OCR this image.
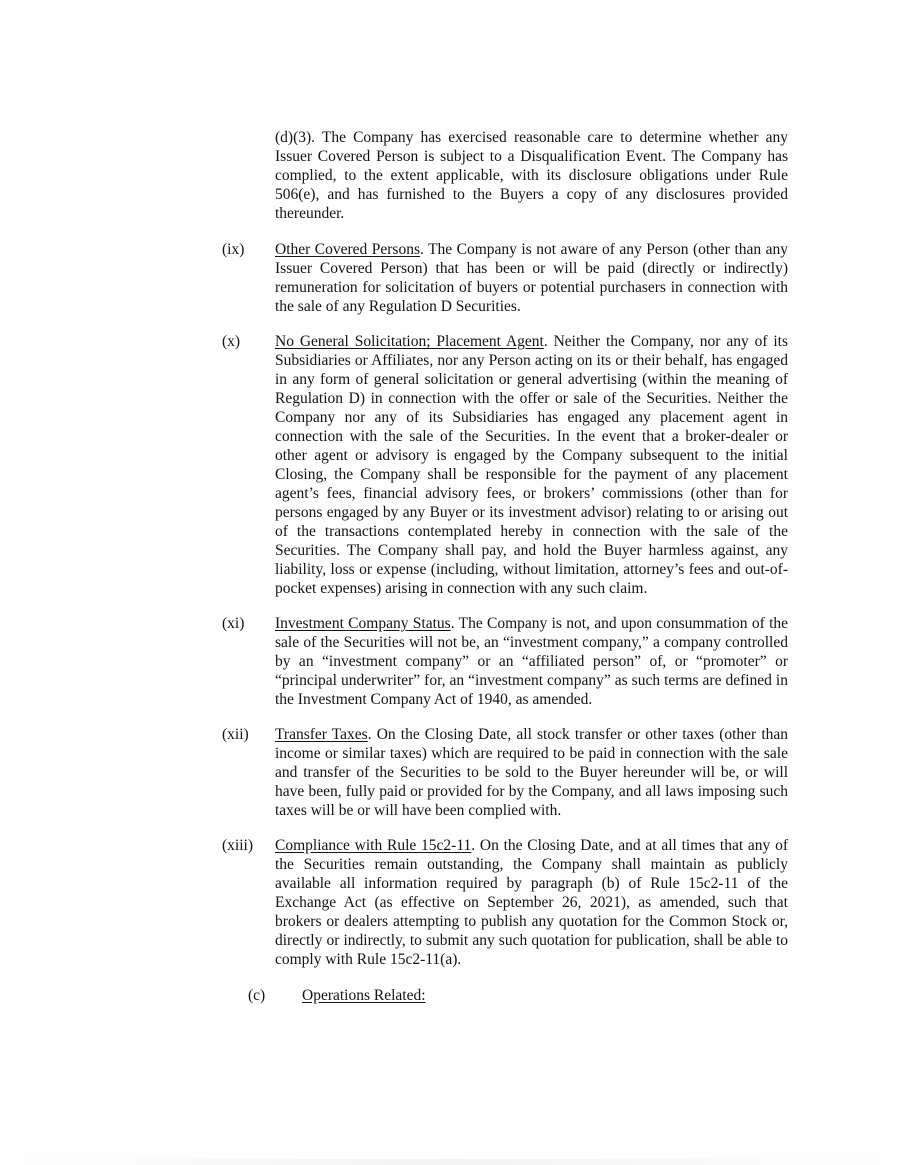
(d)(3). The Company has exercised reasonable care to determine whether any Issuer Covered Person is subject to a Disqualification Event. The Company has complied, to the extent applicable, with its disclosure obligations under Rule 506(e), and has furnished to the Buyers a copy of any disclosures provided thereunder.

(ix)	Other Covered Persons. The Company is not aware of any Person (other than any Issuer Covered Person) that has been or will be paid (directly or indirectly) remuneration for solicitation of buyers or potential purchasers in connection with the sale of any Regulation D Securities.

(x)	No General Solicitation; Placement Agent. Neither the Company, nor any of its Subsidiaries or Affiliates, nor any Person acting on its or their behalf, has engaged in any form of general solicitation or general advertising (within the meaning of Regulation D) in connection with the offer or sale of the Securities. Neither the Company nor any of its Subsidiaries has engaged any placement agent in connection with the sale of the Securities. In the event that a broker-dealer or other agent or advisory is engaged by the Company subsequent to the initial Closing, the Company shall be responsible for the payment of any placement agent’s fees, financial advisory fees, or brokers’ commissions (other than for persons engaged by any Buyer or its investment advisor) relating to or arising out of the transactions contemplated hereby in connection with the sale of the Securities. The Company shall pay, and hold the Buyer harmless against, any liability, loss or expense (including, without limitation, attorney’s fees and out-of-pocket expenses) arising in connection with any such claim.

(xi)	Investment Company Status. The Company is not, and upon consummation of the sale of the Securities will not be, an “investment company,” a company controlled by an “investment company” or an “affiliated person” of, or “promoter” or “principal underwriter” for, an “investment company” as such terms are defined in the Investment Company Act of 1940, as amended.

(xii)	Transfer Taxes. On the Closing Date, all stock transfer or other taxes (other than income or similar taxes) which are required to be paid in connection with the sale and transfer of the Securities to be sold to the Buyer hereunder will be, or will have been, fully paid or provided for by the Company, and all laws imposing such taxes will be or will have been complied with.

(xiii)	Compliance with Rule 15c2-11. On the Closing Date, and at all times that any of the Securities remain outstanding, the Company shall maintain as publicly available all information required by paragraph (b) of Rule 15c2-11 of the Exchange Act (as effective on September 26, 2021), as amended, such that brokers or dealers attempting to publish any quotation for the Common Stock or, directly or indirectly, to submit any such quotation for publication, shall be able to comply with Rule 15c2-11(a).

(c)	Operations Related:
